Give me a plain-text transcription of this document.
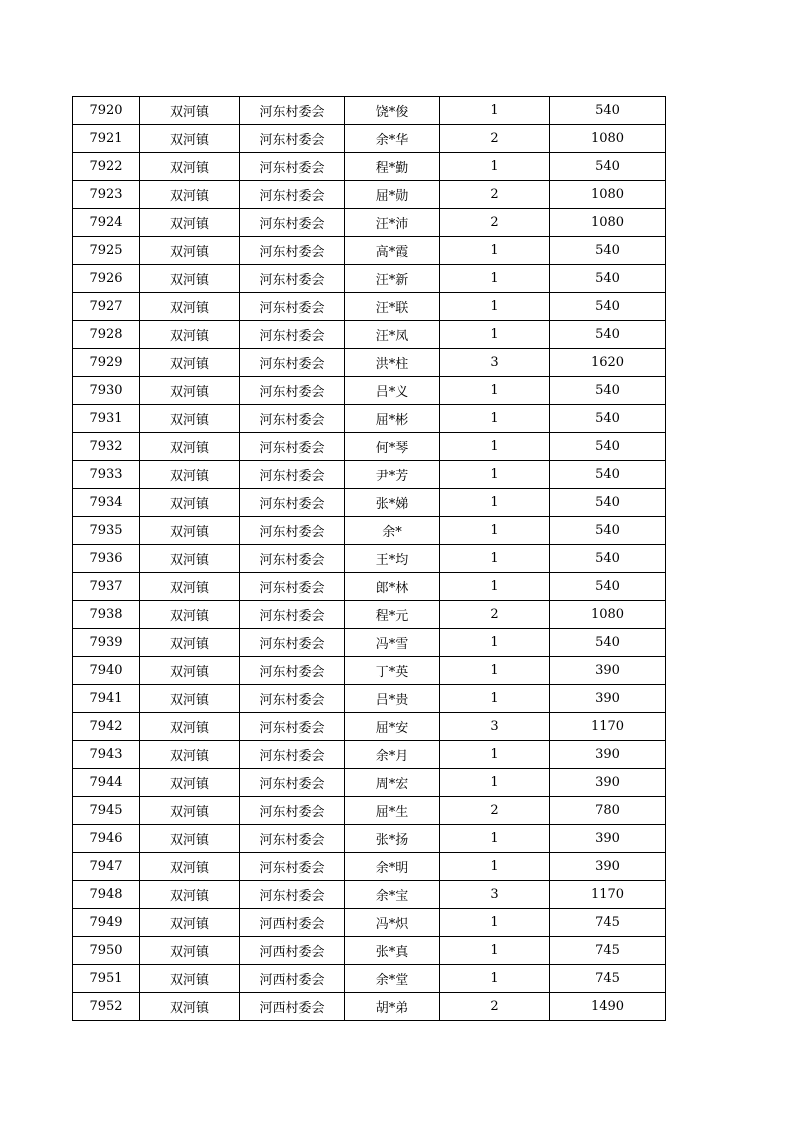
7920	双河镇	河东村委会	饶*俊	1	540
7921	双河镇	河东村委会	余*华	2	1080
7922	双河镇	河东村委会	程*勤	1	540
7923	双河镇	河东村委会	屈*勋	2	1080
7924	双河镇	河东村委会	汪*沛	2	1080
7925	双河镇	河东村委会	高*霞	1	540
7926	双河镇	河东村委会	汪*新	1	540
7927	双河镇	河东村委会	汪*联	1	540
7928	双河镇	河东村委会	汪*凤	1	540
7929	双河镇	河东村委会	洪*柱	3	1620
7930	双河镇	河东村委会	吕*义	1	540
7931	双河镇	河东村委会	屈*彬	1	540
7932	双河镇	河东村委会	何*琴	1	540
7933	双河镇	河东村委会	尹*芳	1	540
7934	双河镇	河东村委会	张*娣	1	540
7935	双河镇	河东村委会	余*	1	540
7936	双河镇	河东村委会	王*均	1	540
7937	双河镇	河东村委会	郎*林	1	540
7938	双河镇	河东村委会	程*元	2	1080
7939	双河镇	河东村委会	冯*雪	1	540
7940	双河镇	河东村委会	丁*英	1	390
7941	双河镇	河东村委会	吕*贵	1	390
7942	双河镇	河东村委会	屈*安	3	1170
7943	双河镇	河东村委会	余*月	1	390
7944	双河镇	河东村委会	周*宏	1	390
7945	双河镇	河东村委会	屈*生	2	780
7946	双河镇	河东村委会	张*扬	1	390
7947	双河镇	河东村委会	余*明	1	390
7948	双河镇	河东村委会	余*宝	3	1170
7949	双河镇	河西村委会	冯*炽	1	745
7950	双河镇	河西村委会	张*真	1	745
7951	双河镇	河西村委会	余*堂	1	745
7952	双河镇	河西村委会	胡*弟	2	1490
